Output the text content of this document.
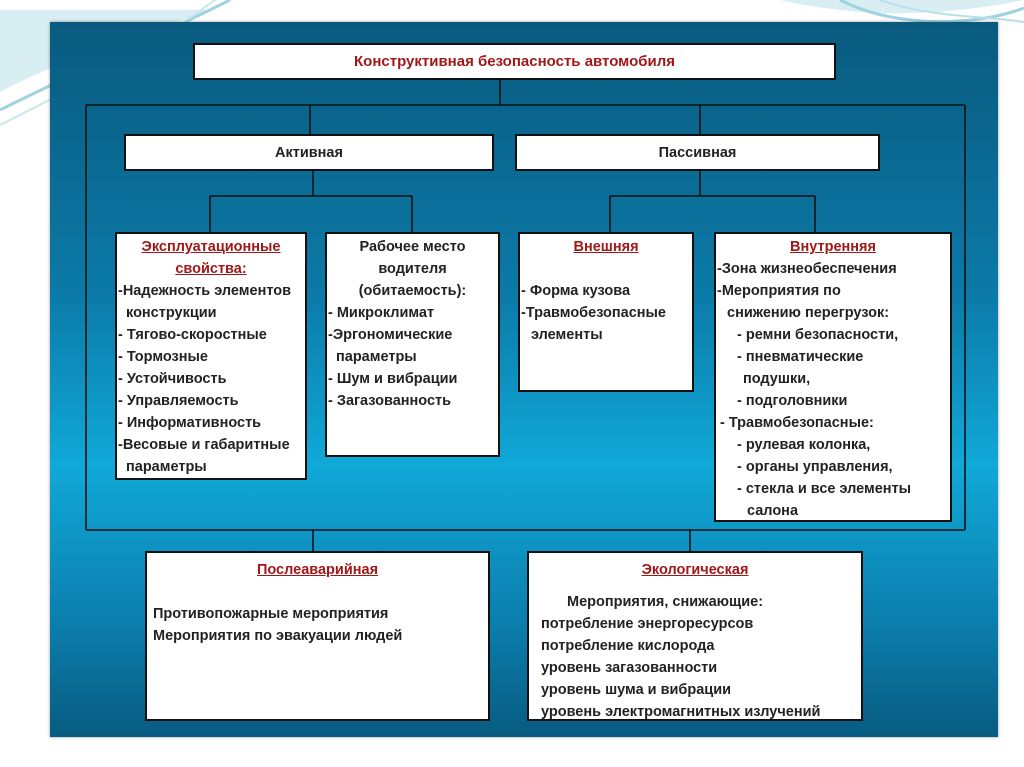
Конструктивная безопасность автомобиля
Активная	Пассивная
Эксплуатационные
свойства:
-Надежность элементов
конструкции
- Тягово-скоростные
- Тормозные
- Устойчивость
- Управляемость
- Информативность
-Весовые и габаритные
параметры
Рабочее место
водителя
(обитаемость):
- Микроклимат
-Эргономические
параметры
- Шум и вибрации
- Загазованность
Внешняя
- Форма кузова
-Травмобезопасные
элементы
Внутренняя
-Зона жизнеобеспечения
-Мероприятия по
снижению перегрузок:
- ремни безопасности,
- пневматические
подушки,
- подголовники
- Травмобезопасные:
- рулевая колонка,
- органы управления,
- стекла и все элементы
салона
Послеаварийная
Противопожарные мероприятия
Мероприятия по эвакуации людей
Экологическая
Мероприятия, снижающие:
потребление энергоресурсов
потребление кислорода
уровень загазованности
уровень шума и вибрации
уровень электромагнитных излучений
